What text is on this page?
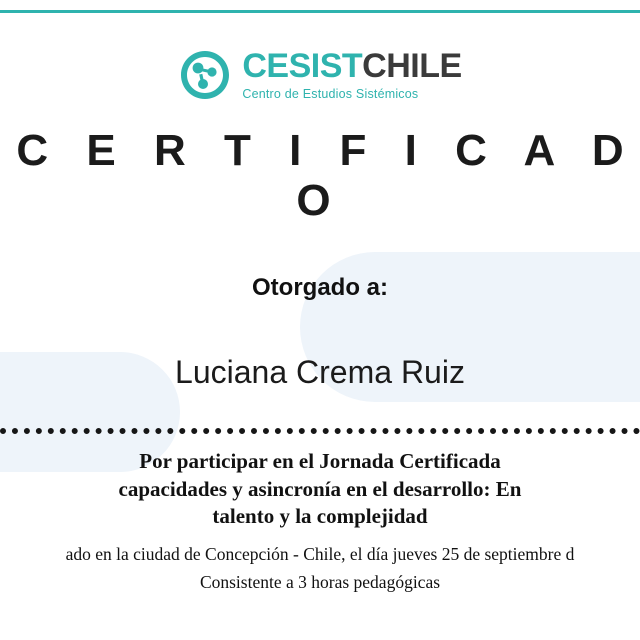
CESISTCHILE
Centro de Estudios Sistémicos
C E R T I F I C A D O
Otorgado a:
Luciana Crema Ruiz
Por participar en el Jornada Certificada
capacidades y asincronía en el desarrollo: En
talento y la complejidad
ado en la ciudad de Concepción - Chile, el día jueves 25 de septiembre d
Consistente a 3 horas pedagógicas
